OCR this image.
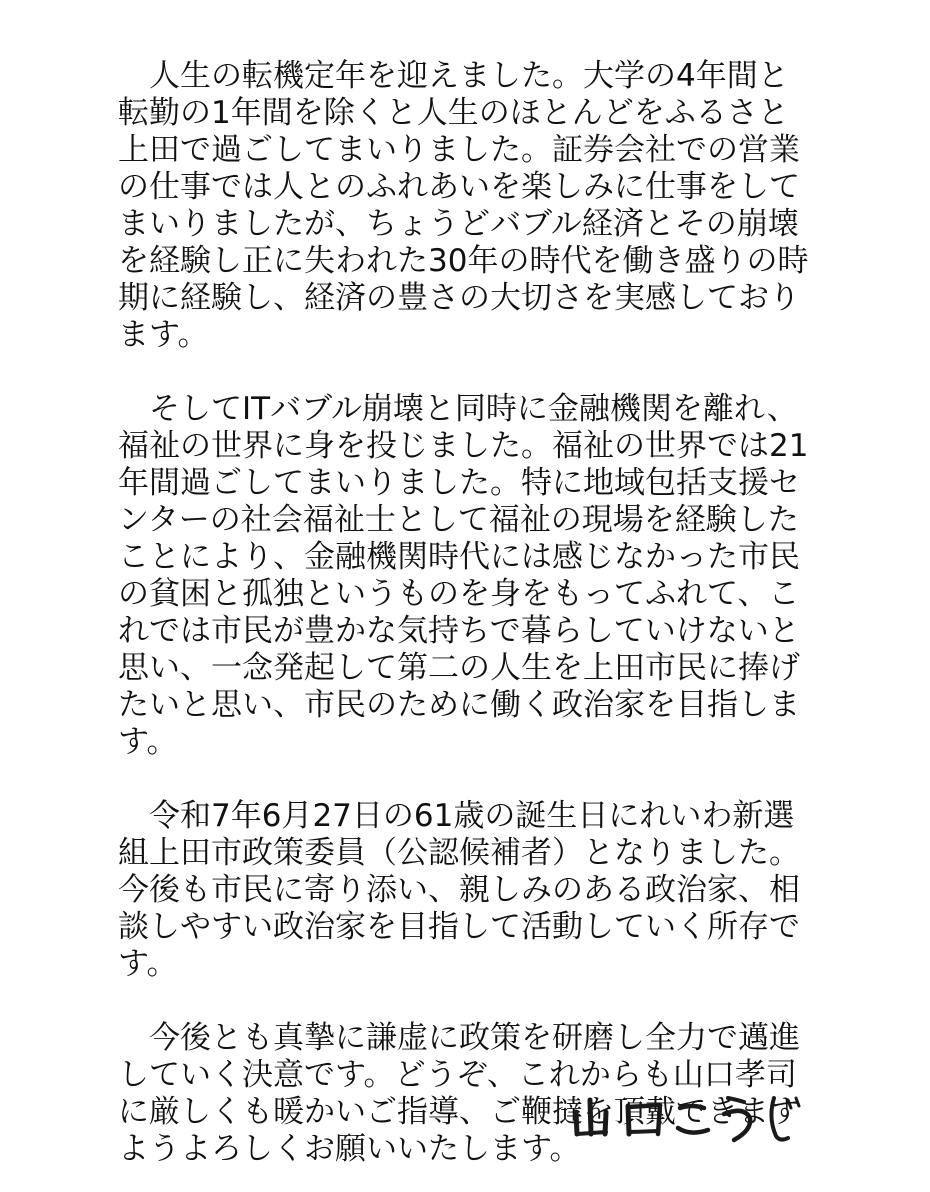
人生の転機定年を迎えました。大学の4年間と転勤の1年間を除くと人生のほとんどをふるさと上田で過ごしてまいりました。証券会社での営業の仕事では人とのふれあいを楽しみに仕事をしてまいりましたが、ちょうどバブル経済とその崩壊を経験し正に失われた30年の時代を働き盛りの時期に経験し、経済の豊さの大切さを実感しております。

そしてITバブル崩壊と同時に金融機関を離れ、福祉の世界に身を投じました。福祉の世界では21年間過ごしてまいりました。特に地域包括支援センターの社会福祉士として福祉の現場を経験したことにより、金融機関時代には感じなかった市民の貧困と孤独というものを身をもってふれて、これでは市民が豊かな気持ちで暮らしていけないと思い、一念発起して第二の人生を上田市民に捧げたいと思い、市民のために働く政治家を目指します。

令和7年6月27日の61歳の誕生日にれいわ新選組上田市政策委員（公認候補者）となりました。今後も市民に寄り添い、親しみのある政治家、相談しやすい政治家を目指して活動していく所存です。

今後とも真摯に謙虚に政策を研磨し全力で邁進していく決意です。どうぞ、これからも山口孝司に厳しくも暖かいご指導、ご鞭撻を頂戴できますようよろしくお願いいたします。
